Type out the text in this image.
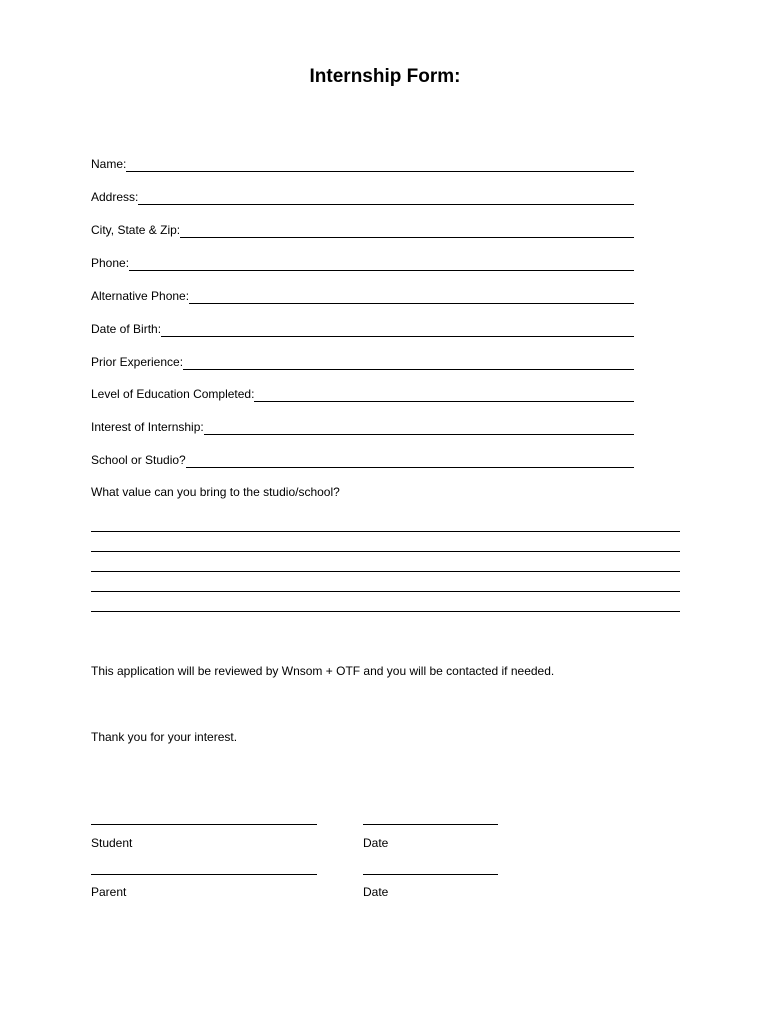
Internship Form:
Name:
Address:
City, State & Zip:
Phone:
Alternative Phone:
Date of Birth:
Prior Experience:
Level of Education Completed:
Interest of Internship:
School or Studio?
What value can you bring to the studio/school?
This application will be reviewed by Wnsom + OTF and you will be contacted if needed.
Thank you for your interest.
Student	Date
Parent	Date
